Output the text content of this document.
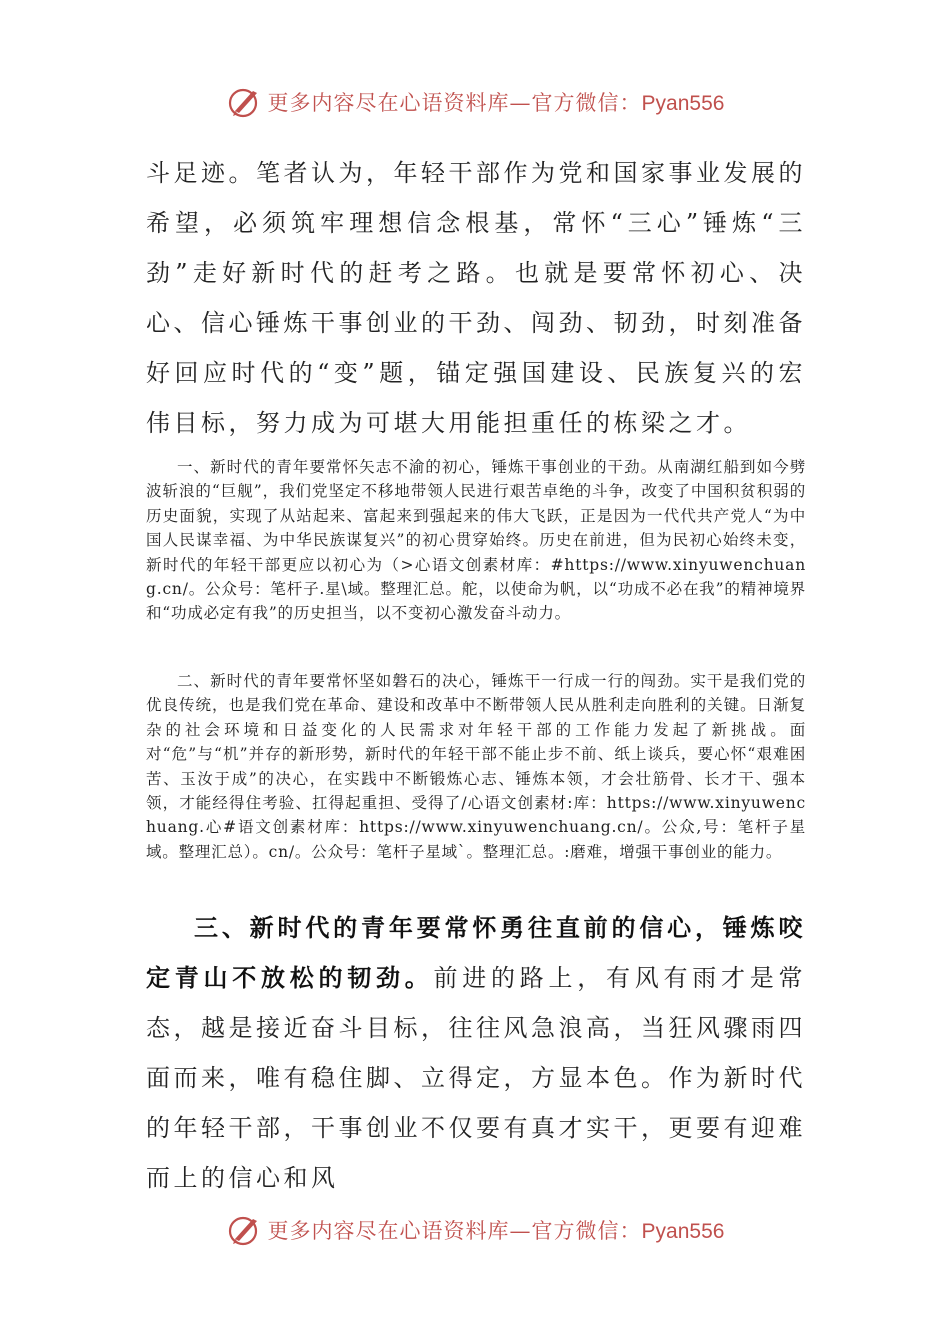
更多内容尽在心语资料库—官方微信：Pyan556

斗足迹。笔者认为，年轻干部作为党和国家事业发展的希望，必须筑牢理想信念根基，常怀“三心”锤炼“三劲”走好新时代的赶考之路。也就是要常怀初心、决心、信心锤炼干事创业的干劲、闯劲、韧劲，时刻准备好回应时代的“变”题，锚定强国建设、民族复兴的宏伟目标，努力成为可堪大用能担重任的栋梁之才。

一、新时代的青年要常怀矢志不渝的初心，锤炼干事创业的干劲。从南湖红船到如今劈波斩浪的“巨舰”，我们党坚定不移地带领人民进行艰苦卓绝的斗争，改变了中国积贫积弱的历史面貌，实现了从站起来、富起来到强起来的伟大飞跃，正是因为一代代共产党人“为中国人民谋幸福、为中华民族谋复兴”的初心贯穿始终。历史在前进，但为民初心始终未变，新时代的年轻干部更应以初心为（>心语文创素材库：#https://www.xinyuwenchuang.cn/。公众号：笔杆子.星\域。整理汇总。舵，以使命为帆，以“功成不必在我”的精神境界和“功成必定有我”的历史担当，以不变初心激发奋斗动力。

二、新时代的青年要常怀坚如磐石的决心，锤炼干一行成一行的闯劲。实干是我们党的优良传统，也是我们党在革命、建设和改革中不断带领人民从胜利走向胜利的关键。日渐复杂的社会环境和日益变化的人民需求对年轻干部的工作能力发起了新挑战。面对“危”与“机”并存的新形势，新时代的年轻干部不能止步不前、纸上谈兵，要心怀“艰难困苦、玉汝于成”的决心，在实践中不断锻炼心志、锤炼本领，才会壮筋骨、长才干、强本领，才能经得住考验、扛得起重担、受得了/心语文创素材:库：https://www.xinyuwenchuang.心#语文创素材库：https://www.xinyuwenchuang.cn/。公众,号：笔杆子星域。整理汇总）。cn/。公众号：笔杆子星域`。整理汇总。:磨难，增强干事创业的能力。

三、新时代的青年要常怀勇往直前的信心，锤炼咬定青山不放松的韧劲。前进的路上，有风有雨才是常态，越是接近奋斗目标，往往风急浪高，当狂风骤雨四面而来，唯有稳住脚、立得定，方显本色。作为新时代的年轻干部，干事创业不仅要有真才实干，更要有迎难而上的信心和风

更多内容尽在心语资料库—官方微信：Pyan556
